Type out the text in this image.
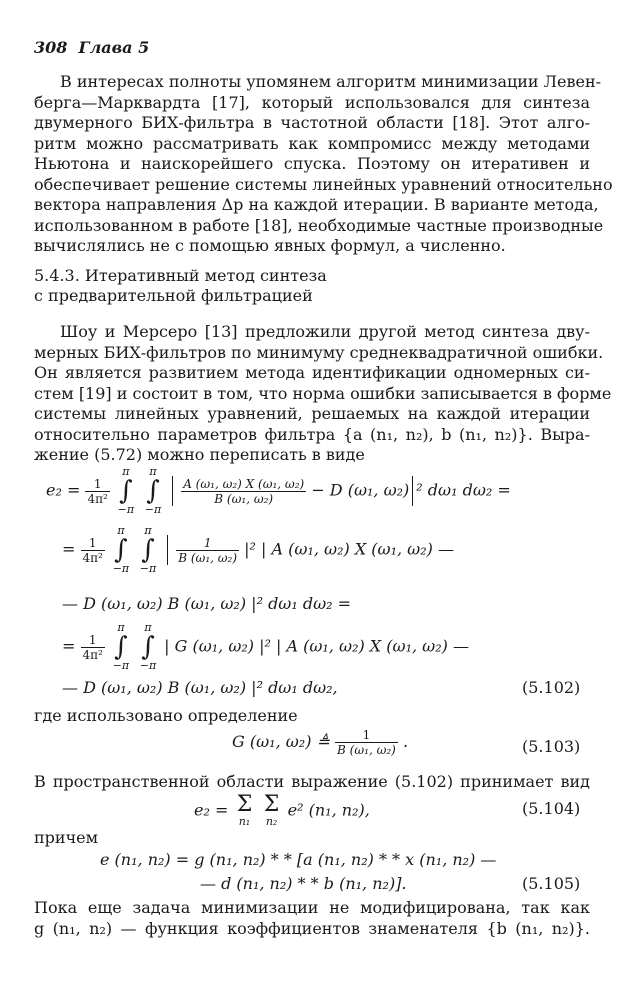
308 Глава 5
В интересах полноты упомянем алгоритм минимизации Левен-
берга—Марквардта [17], который использовался для синтеза
двумерного БИХ-фильтра в частотной области [18]. Этот алго-
ритм можно рассматривать как компромисс между методами
Ньютона и наискорейшего спуска. Поэтому он итеративен и
обеспечивает решение системы линейных уравнений относительно
вектора направления Δp на каждой итерации. В варианте метода,
использованном в работе [18], необходимые частные производные
вычислялись не с помощью явных формул, а численно.
5.4.3. Итеративный метод синтеза
с предварительной фильтрацией
Шоу и Мерсеро [13] предложили другой метод синтеза дву-
мерных БИХ-фильтров по минимуму среднеквадратичной ошибки.
Он является развитием метода идентификации одномерных си-
стем [19] и состоит в том, что норма ошибки записывается в форме
системы линейных уравнений, решаемых на каждой итерации
относительно параметров фильтра {a (n₁, n₂), b (n₁, n₂)}. Выра-
жение (5.72) можно переписать в виде
$e_2 = \frac{1}{\text{4π²}}$

π
∫
−π

π
∫
−π

$\frac{\text{A (ω₁, ω₂) X (ω₁, ω₂)}}{\text{B (ω₁, ω₂)}} - D$ (ω₁, ω₂) ² dω₁ dω₂ =
= $\frac{1}{\text{4π²}}$

π
∫
−π

π
∫
−π

$\frac{1}{\text{B (ω₁, ω₂)}} |^2$ | A (ω₁, ω₂) X (ω₁, ω₂) —
— D (ω₁, ω₂) B (ω₁, ω₂) |² dω₁ dω₂ =
= $\frac{1}{\text{4π²}}$

π
∫
−π

π
∫
−π
| G (ω₁, ω₂) |² | A (ω₁, ω₂) X (ω₁, ω₂) —
— D (ω₁, ω₂) B (ω₁, ω₂) |² dω₁ dω₂,	(5.102)
где использовано определение
G (ω₁, ω₂) ≜ $\frac{1}{\text{B (ω₁, ω₂)}}$ .	(5.103)
В пространственной области выражение (5.102) принимает вид
e₂ = Σ
n₁

Σ
n₂
e² (n₁, n₂),	(5.104)
причем
e (n₁, n₂) = g (n₁, n₂) * * [a (n₁, n₂) * * x (n₁, n₂) —
— d (n₁, n₂) * * b (n₁, n₂)].	(5.105)
Пока еще задача минимизации не модифицирована, так как
g (n₁, n₂) — функция коэффициентов знаменателя {b (n₁, n₂)}.
